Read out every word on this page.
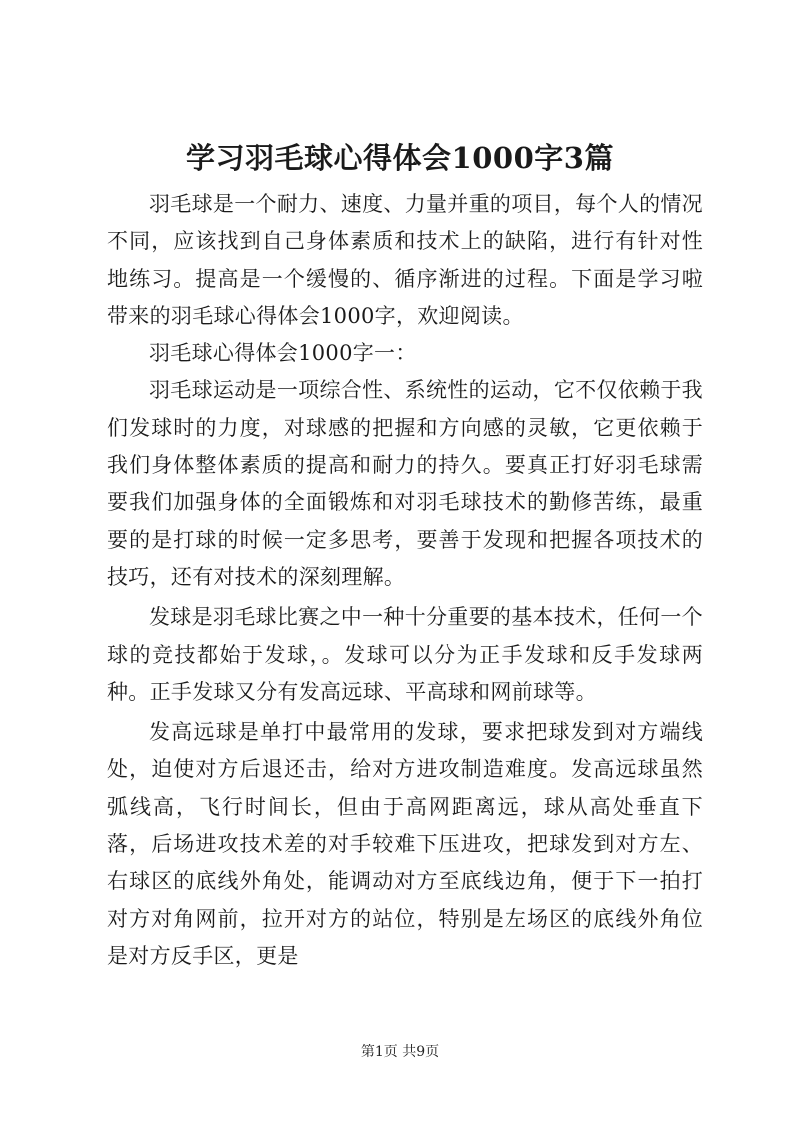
学习羽毛球心得体会1000字3篇

羽毛球是一个耐力、速度、力量并重的项目，每个人的情况不同，应该找到自己身体素质和技术上的缺陷，进行有针对性地练习。提高是一个缓慢的、循序渐进的过程。下面是学习啦带来的羽毛球心得体会1000字，欢迎阅读。

羽毛球心得体会1000字一：

羽毛球运动是一项综合性、系统性的运动，它不仅依赖于我们发球时的力度，对球感的把握和方向感的灵敏，它更依赖于我们身体整体素质的提高和耐力的持久。要真正打好羽毛球需要我们加强身体的全面锻炼和对羽毛球技术的勤修苦练，最重要的是打球的时候一定多思考，要善于发现和把握各项技术的技巧，还有对技术的深刻理解。

发球是羽毛球比赛之中一种十分重要的基本技术，任何一个球的竞技都始于发球，。发球可以分为正手发球和反手发球两种。正手发球又分有发高远球、平高球和网前球等。

发高远球是单打中最常用的发球，要求把球发到对方端线处，迫使对方后退还击，给对方进攻制造难度。发高远球虽然弧线高，飞行时间长，但由于高网距离远，球从高处垂直下落，后场进攻技术差的对手较难下压进攻，把球发到对方左、右球区的底线外角处，能调动对方至底线边角，便于下一拍打对方对角网前，拉开对方的站位，特别是左场区的底线外角位是对方反手区，更是

第1页 共9页
